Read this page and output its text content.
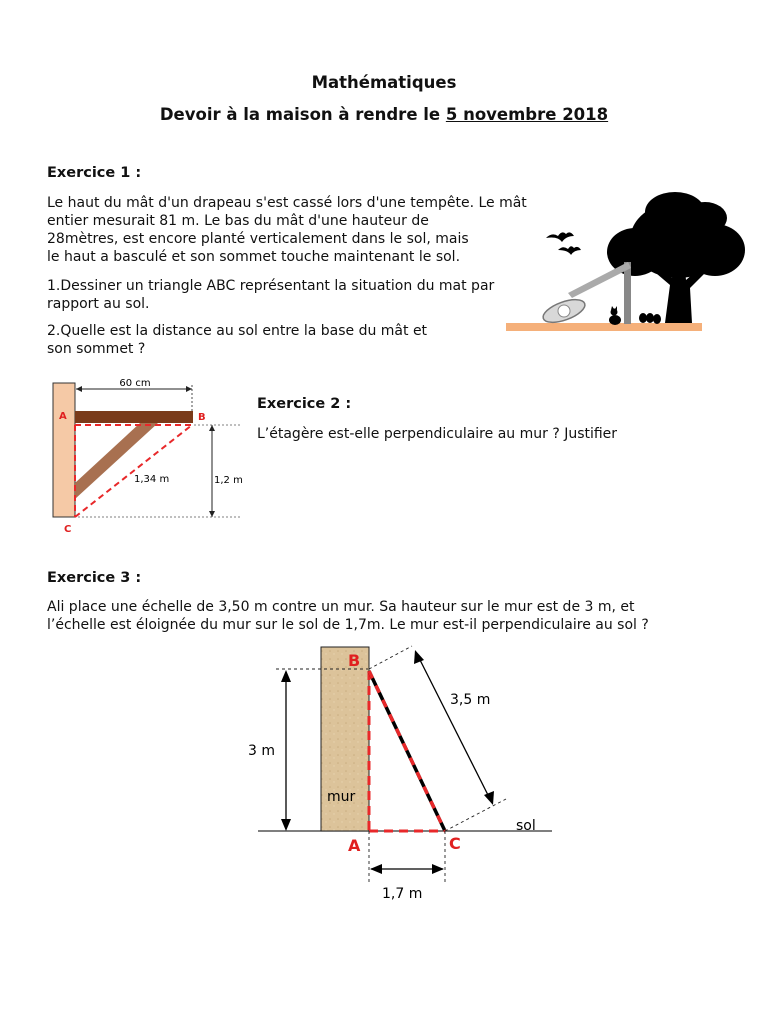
Mathématiques
Devoir à la maison à rendre le 5 novembre 2018
Exercice 1 :
Le haut du mât d'un drapeau s'est cassé lors d'une tempête. Le mât
entier mesurait 81 m. Le bas du mât d'une hauteur de
28mètres, est encore planté verticalement dans le sol, mais
le haut a basculé et son sommet touche maintenant le sol.
1.Dessiner un triangle ABC représentant la situation du mat par
rapport au sol.
2.Quelle est la distance au sol entre la base du mât et
son sommet ?
60 cm
1,2 m
1,34 m
A	B
C
Exercice 2 :
L’étagère est-elle perpendiculaire au mur ? Justifier
Exercice 3 :
Ali place une échelle de 3,50 m contre un mur. Sa hauteur sur le mur est de 3 m, et
l’échelle est éloignée du mur sur le sol de 1,7m. Le mur est-il perpendiculaire au sol ?
sol
mur
3 m
3,5 m
1,7 m
B
A	C
